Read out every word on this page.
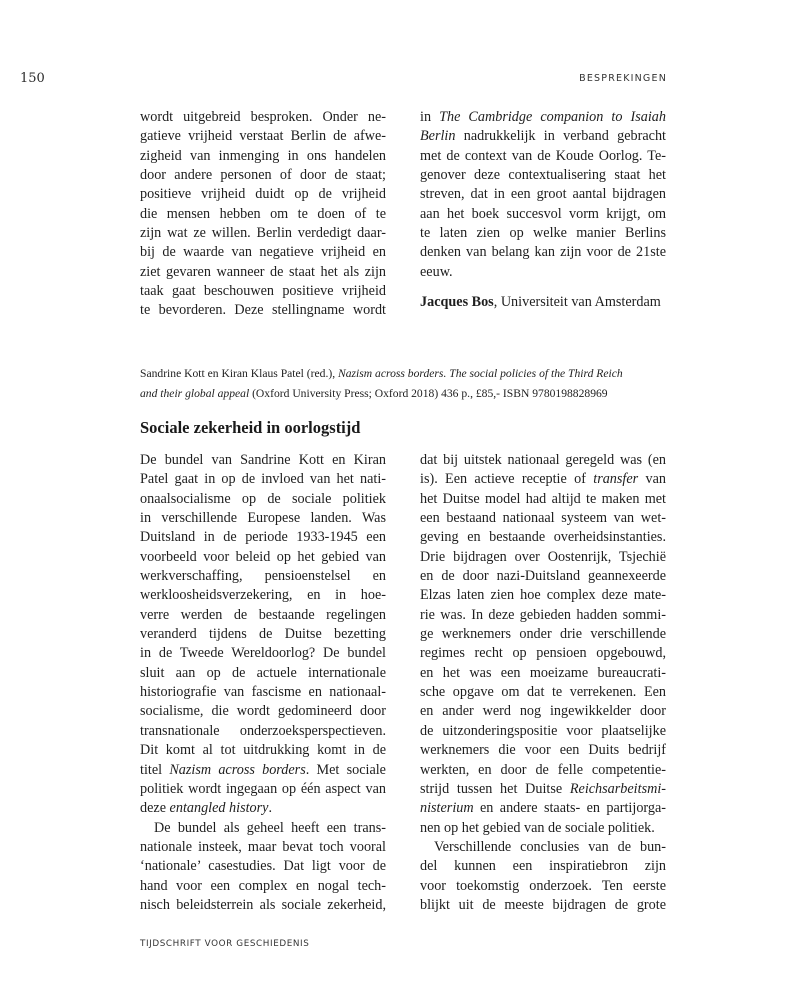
150	BESPREKINGEN
wordt uitgebreid besproken. Onder ne-
gatieve vrijheid verstaat Berlin de afwe-
zigheid van inmenging in ons handelen
door andere personen of door de staat;
positieve vrijheid duidt op de vrijheid
die mensen hebben om te doen of te
zijn wat ze willen. Berlin verdedigt daar-
bij de waarde van negatieve vrijheid en
ziet gevaren wanneer de staat het als zijn
taak gaat beschouwen positieve vrijheid
te bevorderen. Deze stellingname wordt
in The Cambridge companion to Isaiah
Berlin nadrukkelijk in verband gebracht
met de context van de Koude Oorlog. Te-
genover deze contextualisering staat het
streven, dat in een groot aantal bijdragen
aan het boek succesvol vorm krijgt, om
te laten zien op welke manier Berlins
denken van belang kan zijn voor de 21ste
eeuw.
Jacques Bos, Universiteit van Amsterdam
Sandrine Kott en Kiran Klaus Patel (red.), Nazism across borders. The social policies of the Third Reich
and their global appeal (Oxford University Press; Oxford 2018) 436 p., £85,- ISBN 9780198828969
Sociale zekerheid in oorlogstijd
De bundel van Sandrine Kott en Kiran
Patel gaat in op de invloed van het nati-
onaalsocialisme op de sociale politiek
in verschillende Europese landen. Was
Duitsland in de periode 1933-1945 een
voorbeeld voor beleid op het gebied van
werkverschaffing, pensioenstelsel en
werkloosheidsverzekering, en in hoe-
verre werden de bestaande regelingen
veranderd tijdens de Duitse bezetting
in de Tweede Wereldoorlog? De bundel
sluit aan op de actuele internationale
historiografie van fascisme en nationaal-
socialisme, die wordt gedomineerd door
transnationale onderzoeksperspectieven.
Dit komt al tot uitdrukking komt in de
titel Nazism across borders. Met sociale
politiek wordt ingegaan op één aspect van
deze entangled history.
De bundel als geheel heeft een trans-
nationale insteek, maar bevat toch vooral
‘nationale’ casestudies. Dat ligt voor de
hand voor een complex en nogal tech-
nisch beleidsterrein als sociale zekerheid,
dat bij uitstek nationaal geregeld was (en
is). Een actieve receptie of transfer van
het Duitse model had altijd te maken met
een bestaand nationaal systeem van wet-
geving en bestaande overheidsinstanties.
Drie bijdragen over Oostenrijk, Tsjechië
en de door nazi-Duitsland geannexeerde
Elzas laten zien hoe complex deze mate-
rie was. In deze gebieden hadden sommi-
ge werknemers onder drie verschillende
regimes recht op pensioen opgebouwd,
en het was een moeizame bureaucrati-
sche opgave om dat te verrekenen. Een
en ander werd nog ingewikkelder door
de uitzonderingspositie voor plaatselijke
werknemers die voor een Duits bedrijf
werkten, en door de felle competentie-
strijd tussen het Duitse Reichsarbeitsmi-
nisterium en andere staats- en partijorga-
nen op het gebied van de sociale politiek.
Verschillende conclusies van de bun-
del kunnen een inspiratiebron zijn
voor toekomstig onderzoek. Ten eerste
blijkt uit de meeste bijdragen de grote
TIJDSCHRIFT VOOR GESCHIEDENIS
